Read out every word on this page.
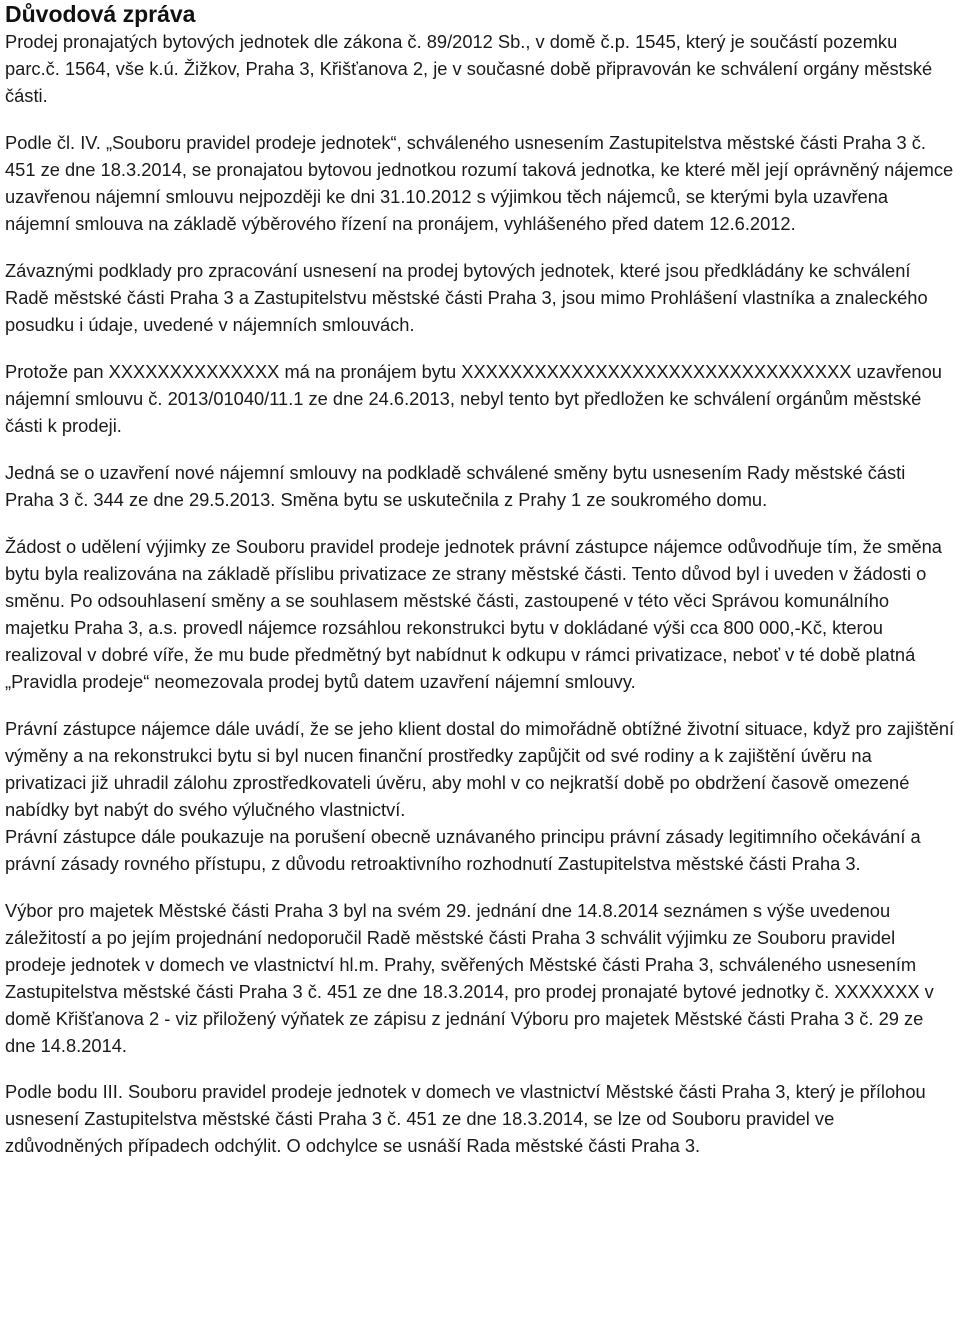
Důvodová zpráva

Prodej pronajatých bytových jednotek dle zákona č. 89/2012 Sb., v domě č.p. 1545, který je součástí pozemku parc.č. 1564, vše k.ú. Žižkov, Praha 3, Křišťanova 2, je v současné době připravován ke schválení orgány městské části.

Podle čl. IV. „Souboru pravidel prodeje jednotek“, schváleného usnesením Zastupitelstva městské části Praha 3 č. 451 ze dne 18.3.2014, se pronajatou bytovou jednotkou rozumí taková jednotka, ke které měl její oprávněný nájemce uzavřenou nájemní smlouvu nejpozději ke dni 31.10.2012 s výjimkou těch nájemců, se kterými byla uzavřena nájemní smlouva na základě výběrového řízení na pronájem, vyhlášeného před datem 12.6.2012.

Závaznými podklady pro zpracování usnesení na prodej bytových jednotek, které jsou předkládány ke schválení Radě městské části Praha 3 a Zastupitelstvu městské části Praha 3, jsou mimo Prohlášení vlastníka a znaleckého posudku i údaje, uvedené v nájemních smlouvách.

Protože pan XXXXXXXXXXXXXX má na pronájem bytu XXXXXXXXXXXXXXXXXXXXXXXXXXXXXXXX uzavřenou nájemní smlouvu č. 2013/01040/11.1 ze dne 24.6.2013, nebyl tento byt předložen ke schválení orgánům městské části k prodeji.

Jedná se o uzavření nové nájemní smlouvy na podkladě schválené směny bytu usnesením Rady městské části Praha 3 č. 344 ze dne 29.5.2013. Směna bytu se uskutečnila z Prahy 1 ze soukromého domu.

Žádost o udělení výjimky ze Souboru pravidel prodeje jednotek právní zástupce nájemce odůvodňuje tím, že směna bytu byla realizována na základě příslibu privatizace ze strany městské části. Tento důvod byl i uveden v žádosti o směnu. Po odsouhlasení směny a se souhlasem městské části, zastoupené v této věci Správou komunálního majetku Praha 3, a.s. provedl nájemce rozsáhlou rekonstrukci bytu v dokládané výši cca 800 000,-Kč, kterou realizoval v dobré víře, že mu bude předmětný byt nabídnut k odkupu v rámci privatizace, neboť v té době platná „Pravidla prodeje“ neomezovala prodej bytů datem uzavření nájemní smlouvy.

Právní zástupce nájemce dále uvádí, že se jeho klient dostal do mimořádně obtížné životní situace, když pro zajištění výměny a na rekonstrukci bytu si byl nucen finanční prostředky zapůjčit od své rodiny a k zajištění úvěru na privatizaci již uhradil zálohu zprostředkovateli úvěru, aby mohl v co nejkratší době po obdržení časově omezené nabídky byt nabýt do svého výlučného vlastnictví.

Právní zástupce dále poukazuje na porušení obecně uznávaného principu právní zásady legitimního očekávání a právní zásady rovného přístupu, z důvodu retroaktivního rozhodnutí Zastupitelstva městské části Praha 3.

Výbor pro majetek Městské části Praha 3 byl na svém 29. jednání dne 14.8.2014 seznámen s výše uvedenou záležitostí a po jejím projednání nedoporučil Radě městské části Praha 3 schválit výjimku ze Souboru pravidel prodeje jednotek v domech ve vlastnictví hl.m. Prahy, svěřených Městské části Praha 3, schváleného usnesením Zastupitelstva městské části Praha 3 č. 451 ze dne 18.3.2014, pro prodej pronajaté bytové jednotky č. XXXXXXX v domě Křišťanova 2 - viz přiložený výňatek ze zápisu z jednání Výboru pro majetek Městské části Praha 3 č. 29 ze dne 14.8.2014.

Podle bodu III. Souboru pravidel prodeje jednotek v domech ve vlastnictví Městské části Praha 3, který je přílohou usnesení Zastupitelstva městské části Praha 3 č. 451 ze dne 18.3.2014, se lze od Souboru pravidel ve zdůvodněných případech odchýlit. O odchylce se usnáší Rada městské části Praha 3.
